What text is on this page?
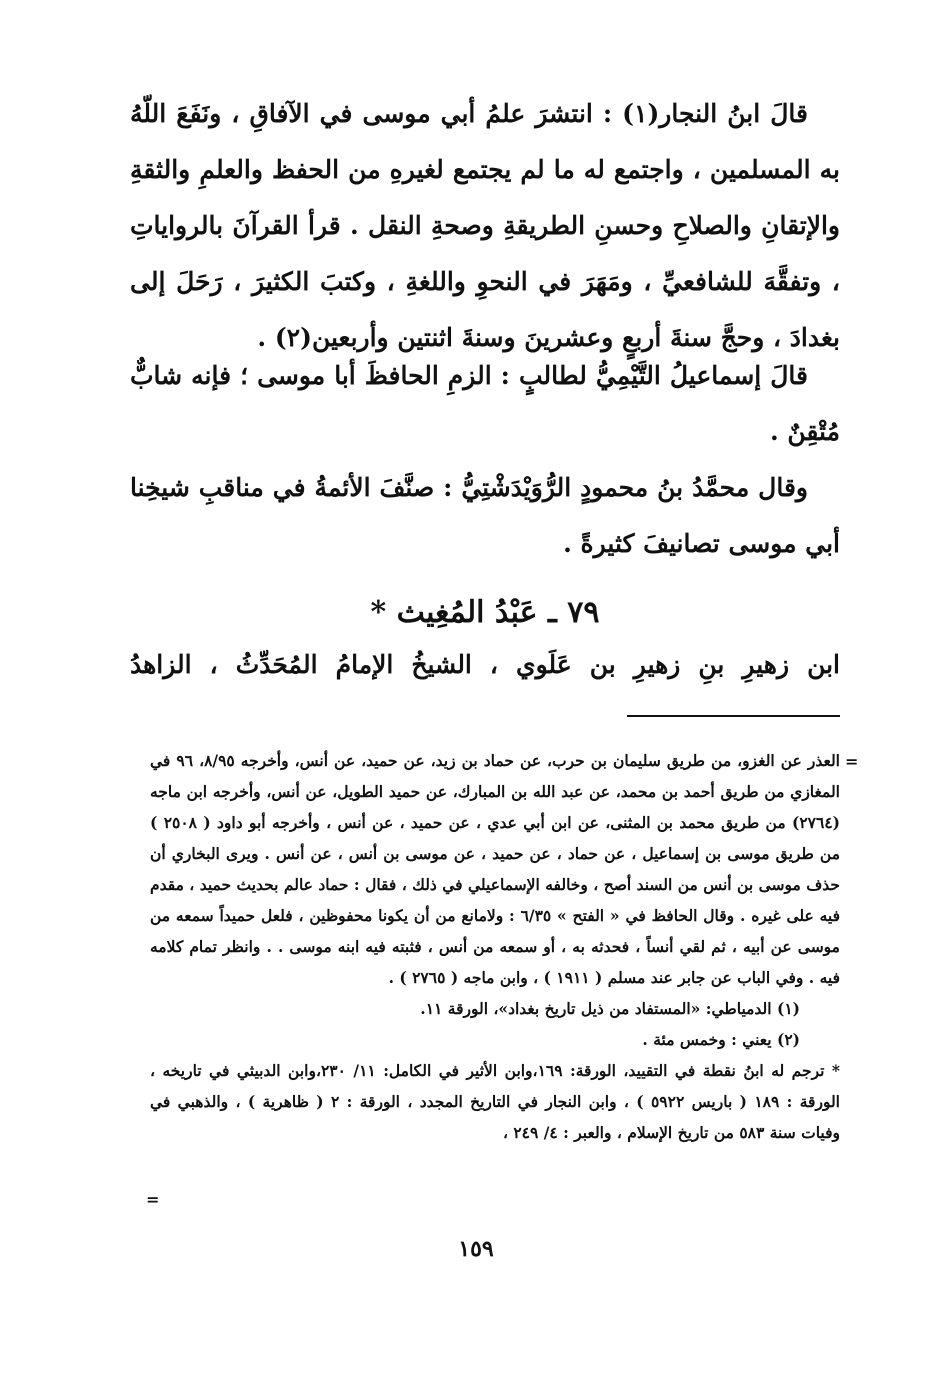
قالَ ابنُ النجار(١) : انتشرَ علمُ أبي موسى في الآفاقِ ، ونَفَعَ اللّهُ به المسلمين ، واجتمع له ما لم يجتمع لغيرهِ من الحفظ والعلمِ والثقةِ والإتقانِ والصلاحِ وحسنِ الطريقةِ وصحةِ النقل . قرأ القرآنَ بالرواياتِ ، وتفقَّهَ للشافعيِّ ، ومَهَرَ في النحوِ واللغةِ ، وكتبَ الكثيرَ ، رَحَلَ إلى بغدادَ ، وحجَّ سنةَ أربعٍ وعشرينَ وسنةَ اثنتين وأربعين(٢) .

قالَ إسماعيلُ التَّيْمِيُّ لطالبٍ : الزمِ الحافظَ أبا موسى ؛ فإنه شابٌّ مُتْقِنٌ .

وقال محمَّدُ بنُ محمودٍ الرُّوَيْدَشْتِيُّ : صنَّفَ الأئمةُ في مناقبِ شيخِنا أبي موسى تصانيفَ كثيرةً .

٧٩ ـ عَبْدُ المُغِيث *
ابن زهيرِ بنِ زهيرِ بن عَلَوي ، الشيخُ الإمامُ المُحَدِّثُ ، الزاهدُ
=

العذر عن الغزو، من طريق سليمان بن حرب، عن حماد بن زيد، عن حميد، عن أنس، وأخرجه ٨/٩٥، ٩٦ في المغازي من طريق أحمد بن محمد، عن عبد الله بن المبارك، عن حميد الطويل، عن أنس، وأخرجه ابن ماجه (٢٧٦٤) من طريق محمد بن المثنى، عن ابن أبي عدي ، عن حميد ، عن أنس ، وأخرجه أبو داود ( ٢٥٠٨ ) من طريق موسى بن إسماعيل ، عن حماد ، عن حميد ، عن موسى بن أنس ، عن أنس . ويرى البخاري أن حذف موسى بن أنس من السند أصح ، وخالفه الإسماعيلي في ذلك ، فقال : حماد عالم بحديث حميد ، مقدم فيه على غيره . وقال الحافظ في « الفتح » ٦/٣٥ : ولامانع من أن يكونا محفوظين ، فلعل حميداً سمعه من موسى عن أبيه ، ثم لقي أنساً ، فحدثه به ، أو سمعه من أنس ، فثبته فيه ابنه موسى . . وانظر تمام كلامه فيه . وفي الباب عن جابر عند مسلم ( ١٩١١ ) ، وابن ماجه ( ٢٧٦٥ ) .

(١) الدمياطي: «المستفاد من ذيل تاريخ بغداد»، الورقة ١١.

(٢) يعني : وخمس مئة .

* ترجم له ابنُ نقطة في التقييد، الورقة: ١٦٩،وابن الأثير في الكامل: ١١/ ٢٣٠،وابن الدبيثي في تاريخه ، الورقة : ١٨٩ ( باريس ٥٩٢٢ ) ، وابن النجار في التاريخ المجدد ، الورقة : ٢ ( ظاهرية ) ، والذهبي في وفيات سنة ٥٨٣ من تاريخ الإسلام ، والعبر : ٤/ ٢٤٩ ،

=
١٥٩
